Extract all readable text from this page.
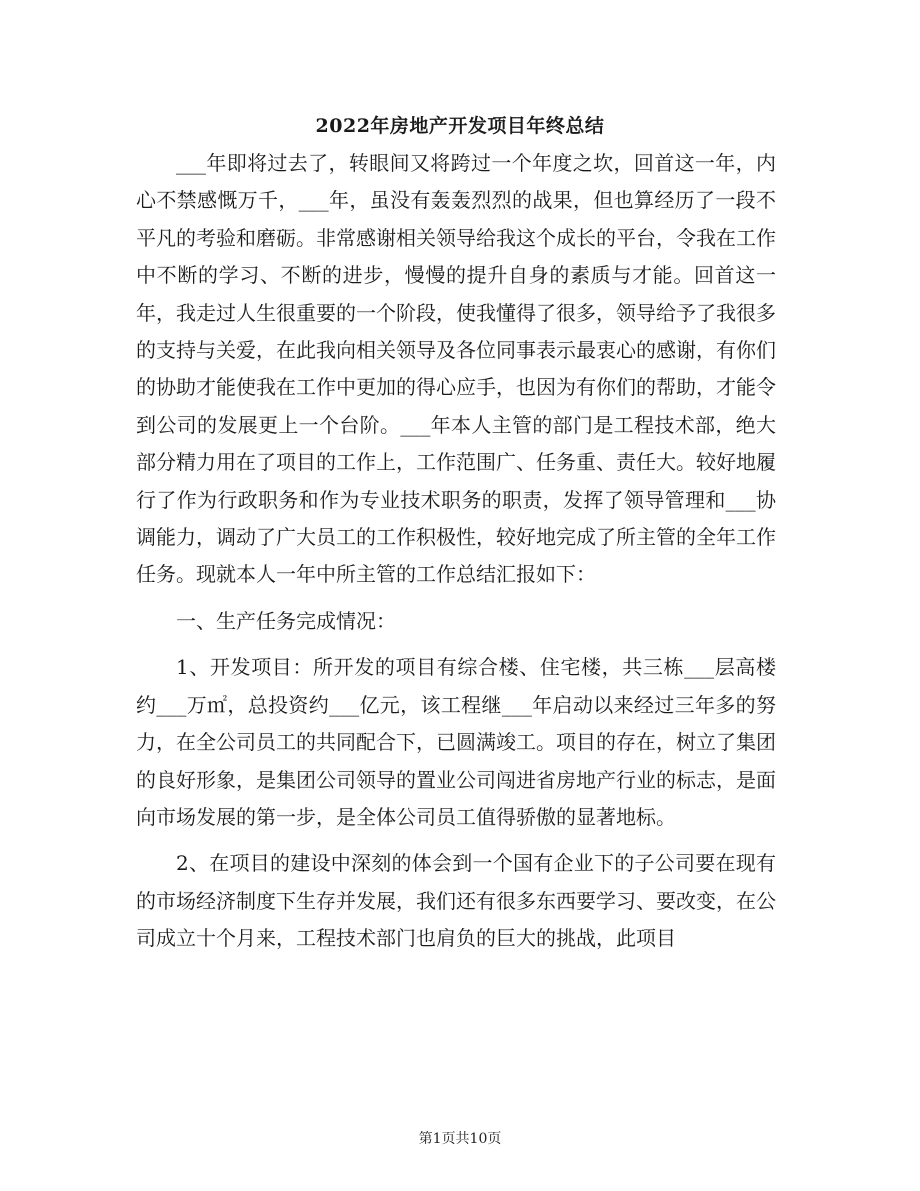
2022年房地产开发项目年终总结

___年即将过去了，转眼间又将跨过一个年度之坎，回首这一年，内心不禁感慨万千，___年，虽没有轰轰烈烈的战果，但也算经历了一段不平凡的考验和磨砺。非常感谢相关领导给我这个成长的平台，令我在工作中不断的学习、不断的进步，慢慢的提升自身的素质与才能。回首这一年，我走过人生很重要的一个阶段，使我懂得了很多，领导给予了我很多的支持与关爱，在此我向相关领导及各位同事表示最衷心的感谢，有你们的协助才能使我在工作中更加的得心应手，也因为有你们的帮助，才能令到公司的发展更上一个台阶。___年本人主管的部门是工程技术部，绝大部分精力用在了项目的工作上，工作范围广、任务重、责任大。较好地履行了作为行政职务和作为专业技术职务的职责，发挥了领导管理和___协调能力，调动了广大员工的工作积极性，较好地完成了所主管的全年工作任务。现就本人一年中所主管的工作总结汇报如下：

一、生产任务完成情况：

1、开发项目：所开发的项目有综合楼、住宅楼，共三栋___层高楼约___万㎡，总投资约___亿元，该工程继___年启动以来经过三年多的努力，在全公司员工的共同配合下，已圆满竣工。项目的存在，树立了集团的良好形象，是集团公司领导的置业公司闯进省房地产行业的标志，是面向市场发展的第一步，是全体公司员工值得骄傲的显著地标。

2、在项目的建设中深刻的体会到一个国有企业下的子公司要在现有的市场经济制度下生存并发展，我们还有很多东西要学习、要改变，在公司成立十个月来，工程技术部门也肩负的巨大的挑战，此项目

第1页共10页
